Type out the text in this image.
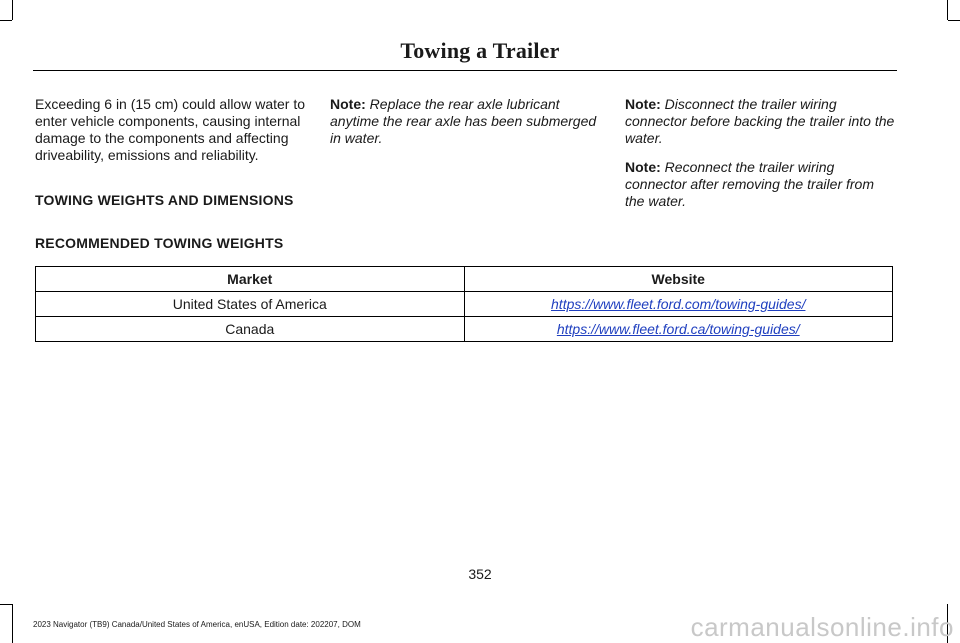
Towing a Trailer

Exceeding 6 in (15 cm) could allow water to enter vehicle components, causing internal damage to the components and affecting driveability, emissions and reliability.

Note: Replace the rear axle lubricant anytime the rear axle has been submerged in water.

Note: Disconnect the trailer wiring connector before backing the trailer into the water.

Note: Reconnect the trailer wiring connector after removing the trailer from the water.

TOWING WEIGHTS AND DIMENSIONS
RECOMMENDED TOWING WEIGHTS
Market	Website
United States of America	https://www.fleet.ford.com/towing-guides/
Canada	https://www.fleet.ford.ca/towing-guides/
352
2023 Navigator (TB9) Canada/United States of America, enUSA, Edition date: 202207, DOM	carmanualsonline.info
